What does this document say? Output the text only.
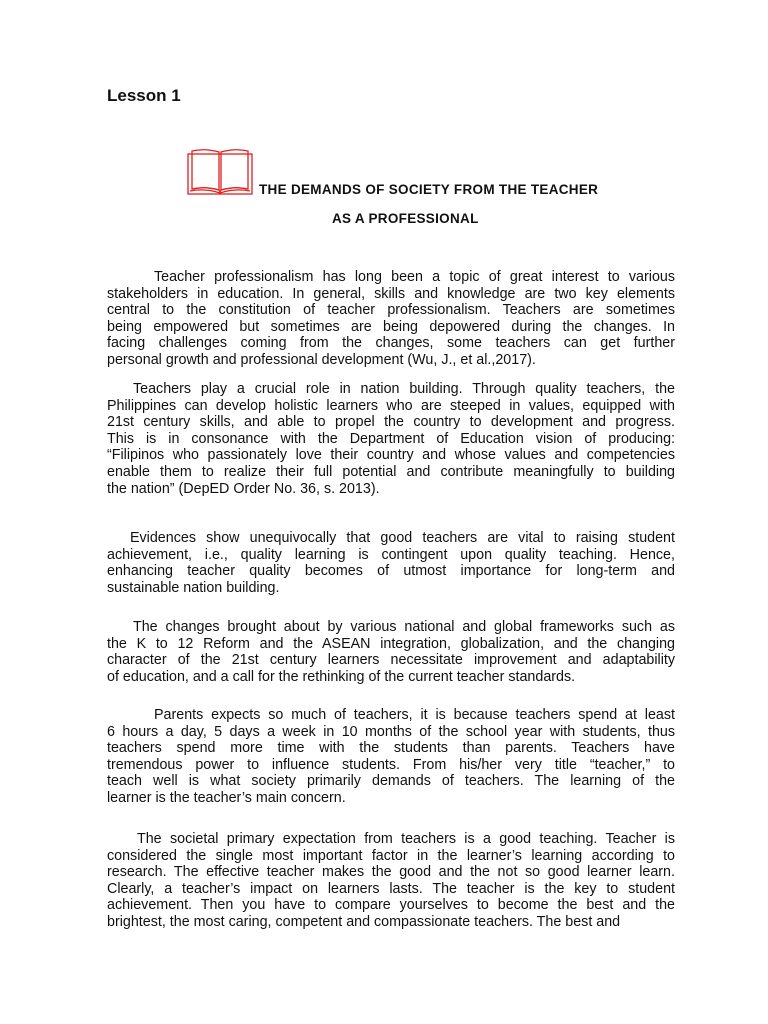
Lesson 1
THE DEMANDS OF SOCIETY FROM THE TEACHER
AS A PROFESSIONAL
Teacher professionalism has long been a topic of great interest to various
stakeholders in education. In general, skills and knowledge are two key elements
central to the constitution of teacher professionalism. Teachers are sometimes
being empowered but sometimes are being depowered during the changes. In
facing challenges coming from the changes, some teachers can get further
personal growth and professional development (Wu, J., et al.,2017).
Teachers play a crucial role in nation building. Through quality teachers, the
Philippines can develop holistic learners who are steeped in values, equipped with
21st century skills, and able to propel the country to development and progress.
This is in consonance with the Department of Education vision of producing:
“Filipinos who passionately love their country and whose values and competencies
enable them to realize their full potential and contribute meaningfully to building
the nation” (DepED Order No. 36, s. 2013).
Evidences show unequivocally that good teachers are vital to raising student
achievement, i.e., quality learning is contingent upon quality teaching. Hence,
enhancing teacher quality becomes of utmost importance for long-term and
sustainable nation building.
The changes brought about by various national and global frameworks such as
the K to 12 Reform and the ASEAN integration, globalization, and the changing
character of the 21st century learners necessitate improvement and adaptability
of education, and a call for the rethinking of the current teacher standards.
Parents expects so much of teachers, it is because teachers spend at least
6 hours a day, 5 days a week in 10 months of the school year with students, thus
teachers spend more time with the students than parents. Teachers have
tremendous power to influence students. From his/her very title “teacher,” to
teach well is what society primarily demands of teachers. The learning of the
learner is the teacher’s main concern.
The societal primary expectation from teachers is a good teaching. Teacher is
considered the single most important factor in the learner’s learning according to
research. The effective teacher makes the good and the not so good learner learn.
Clearly, a teacher’s impact on learners lasts. The teacher is the key to student
achievement. Then you have to compare yourselves to become the best and the
brightest, the most caring, competent and compassionate teachers. The best and
